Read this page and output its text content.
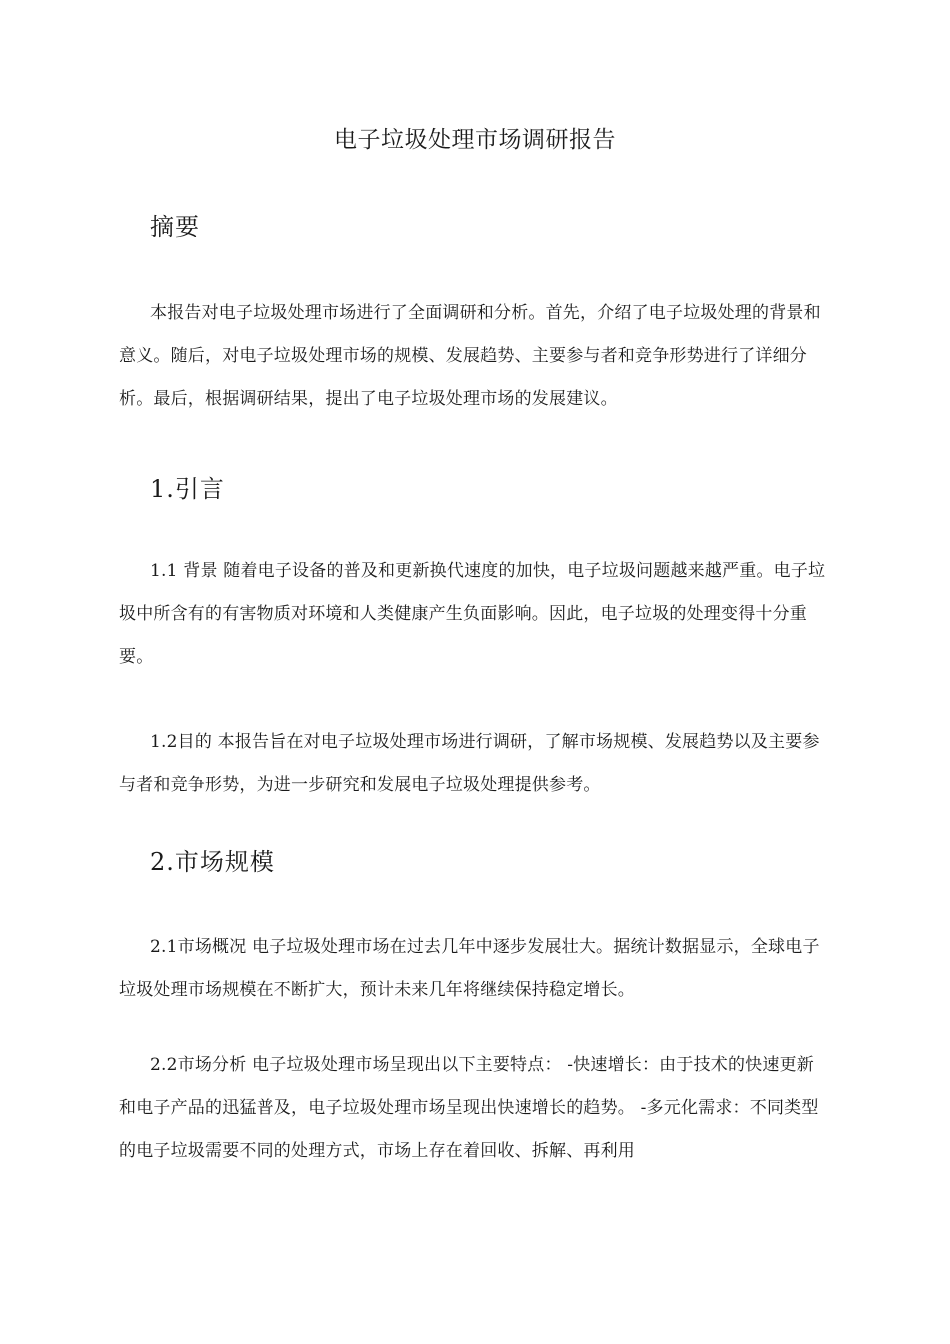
电子垃圾处理市场调研报告
摘要
本报告对电子垃圾处理市场进行了全面调研和分析。首先，介绍了电子垃圾处理的背景和意义。随后，对电子垃圾处理市场的规模、发展趋势、主要参与者和竞争形势进行了详细分析。最后，根据调研结果，提出了电子垃圾处理市场的发展建议。
1.引言
1.1 背景 随着电子设备的普及和更新换代速度的加快，电子垃圾问题越来越严重。电子垃圾中所含有的有害物质对环境和人类健康产生负面影响。因此，电子垃圾的处理变得十分重要。
1.2目的 本报告旨在对电子垃圾处理市场进行调研，了解市场规模、发展趋势以及主要参与者和竞争形势，为进一步研究和发展电子垃圾处理提供参考。
2.市场规模
2.1市场概况 电子垃圾处理市场在过去几年中逐步发展壮大。据统计数据显示，全球电子垃圾处理市场规模在不断扩大，预计未来几年将继续保持稳定增长。
2.2市场分析 电子垃圾处理市场呈现出以下主要特点： -快速增长：由于技术的快速更新和电子产品的迅猛普及，电子垃圾处理市场呈现出快速增长的趋势。 -多元化需求：不同类型的电子垃圾需要不同的处理方式，市场上存在着回收、拆解、再利用
